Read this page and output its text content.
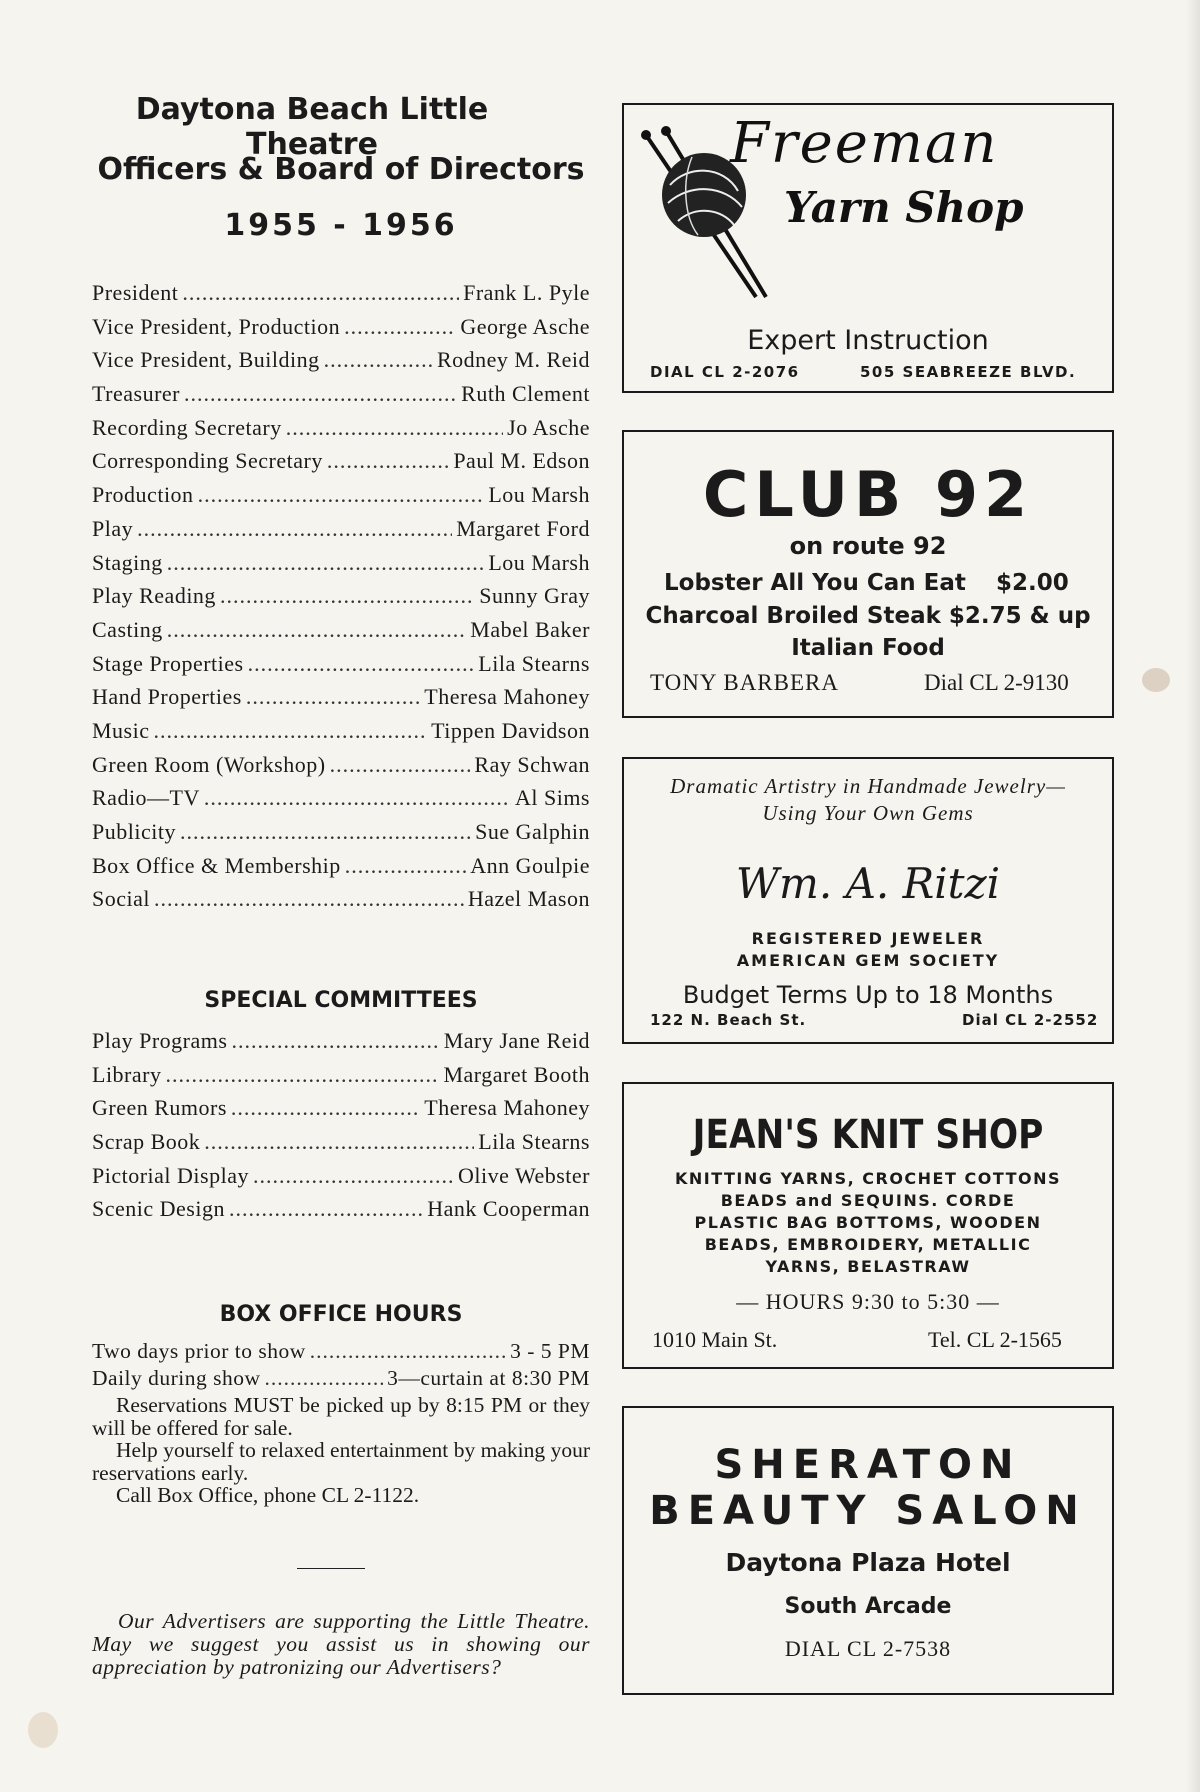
Daytona Beach Little Theatre
Officers & Board of Directors
1955 - 1956
President .....	Frank L. Pyle
Vice President, Production .....	George Asche
Vice President, Building .....	Rodney M. Reid
Treasurer .....	Ruth Clement
Recording Secretary .....	Jo Asche
Corresponding Secretary .....	Paul M. Edson
Production .....	Lou Marsh
Play .....	Margaret Ford
Staging .....	Lou Marsh
Play Reading .....	Sunny Gray
Casting .....	Mabel Baker
Stage Properties .....	Lila Stearns
Hand Properties .....	Theresa Mahoney
Music .....	Tippen Davidson
Green Room (Workshop) .....	Ray Schwan
Radio—TV .....	Al Sims
Publicity .....	Sue Galphin
Box Office & Membership .....	Ann Goulpie
Social .....	Hazel Mason
SPECIAL COMMITTEES
Play Programs .....	Mary Jane Reid
Library .....	Margaret Booth
Green Rumors .....	Theresa Mahoney
Scrap Book .....	Lila Stearns
Pictorial Display .....	Olive Webster
Scenic Design .....	Hank Cooperman
BOX OFFICE HOURS
Two days prior to show .....	3 - 5 PM
Daily during show .....	3—curtain at 8:30 PM

Reservations MUST be picked up by 8:15 PM or they will be offered for sale.

Help yourself to relaxed entertainment by making your reservations early.

Call Box Office, phone CL 2-1122.

Our Advertisers are supporting the Little Theatre. May we suggest you assist us in showing our appreciation by patronizing our Advertisers?

Freeman
Yarn Shop
Expert Instruction
DIAL CL 2-2076	505 SEABREEZE BLVD.
CLUB 92
on route 92
Lobster All You Can Eat $2.00
Charcoal Broiled Steak $2.75 & up
Italian Food
TONY BARBERA	Dial CL 2-9130
Dramatic Artistry in Handmade Jewelry—
Using Your Own Gems
Wm. A. Ritzi
REGISTERED JEWELER
AMERICAN GEM SOCIETY
Budget Terms Up to 18 Months
122 N. Beach St.	Dial CL 2-2552
JEAN'S KNIT SHOP
KNITTING YARNS, CROCHET COTTONS
BEADS and SEQUINS. CORDE
PLASTIC BAG BOTTOMS, WOODEN
BEADS, EMBROIDERY, METALLIC
YARNS, BELASTRAW
— HOURS 9:30 to 5:30 —
1010 Main St.	Tel. CL 2-1565
SHERATON
BEAUTY SALON
Daytona Plaza Hotel
South Arcade
DIAL CL 2-7538
